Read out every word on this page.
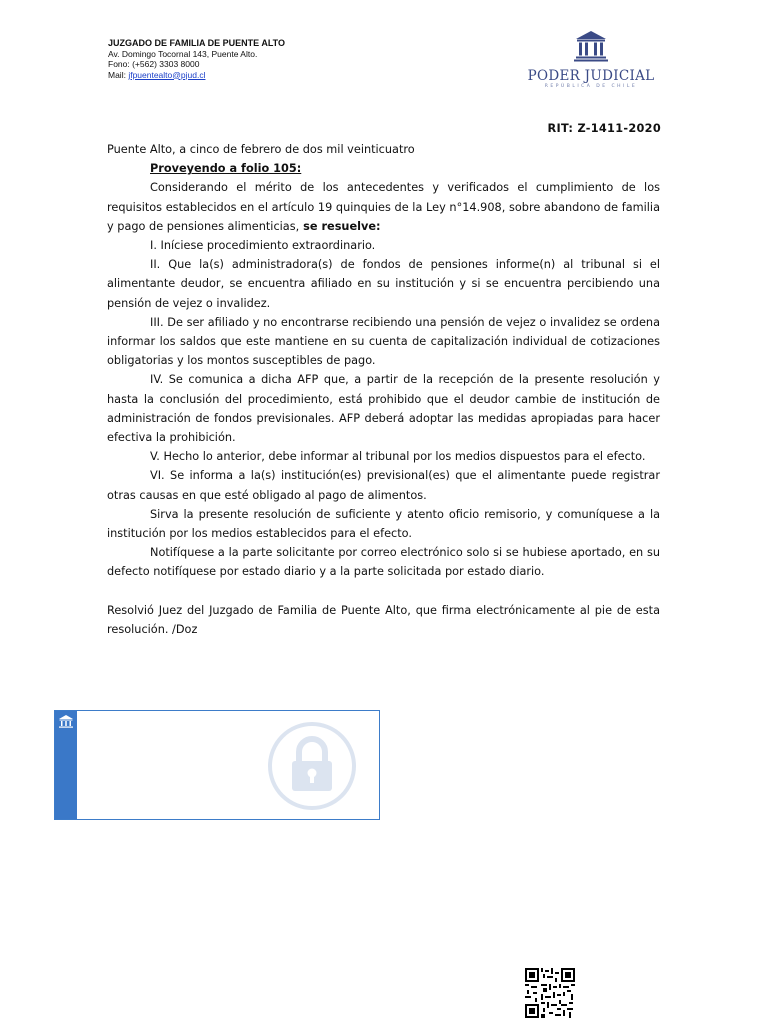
JUZGADO DE FAMILIA DE PUENTE ALTO
Av. Domingo Tocornal 143, Puente Alto.
Fono: (+562) 3303 8000
Mail: jfpuentealto@pjud.cl	PODER JUDICIAL
REPÚBLICA DE CHILE
RIT: Z-1411-2020

Puente Alto, a cinco de febrero de dos mil veinticuatro

Proveyendo a folio 105:

Considerando el mérito de los antecedentes y verificados el cumplimiento de los requisitos establecidos en el artículo 19 quinquies de la Ley n°14.908, sobre abandono de familia y pago de pensiones alimenticias, se resuelve:

I. Iníciese procedimiento extraordinario.

II. Que la(s) administradora(s) de fondos de pensiones informe(n) al tribunal si el alimentante deudor, se encuentra afiliado en su institución y si se encuentra percibiendo una pensión de vejez o invalidez.

III. De ser afiliado y no encontrarse recibiendo una pensión de vejez o invalidez se ordena informar los saldos que este mantiene en su cuenta de capitalización individual de cotizaciones obligatorias y los montos susceptibles de pago.

IV. Se comunica a dicha AFP que, a partir de la recepción de la presente resolución y hasta la conclusión del procedimiento, está prohibido que el deudor cambie de institución de administración de fondos previsionales. AFP deberá adoptar las medidas apropiadas para hacer efectiva la prohibición.

V. Hecho lo anterior, debe informar al tribunal por los medios dispuestos para el efecto.

VI. Se informa a la(s) institución(es) previsional(es) que el alimentante puede registrar otras causas en que esté obligado al pago de alimentos.

Sirva la presente resolución de suficiente y atento oficio remisorio, y comuníquese a la institución por los medios establecidos para el efecto.

Notifíquese a la parte solicitante por correo electrónico solo si se hubiese aportado, en su defecto notifíquese por estado diario y a la parte solicitada por estado diario.

Resolvió Juez del Juzgado de Familia de Puente Alto, que firma electrónicamente al pie de esta resolución. /Doz
